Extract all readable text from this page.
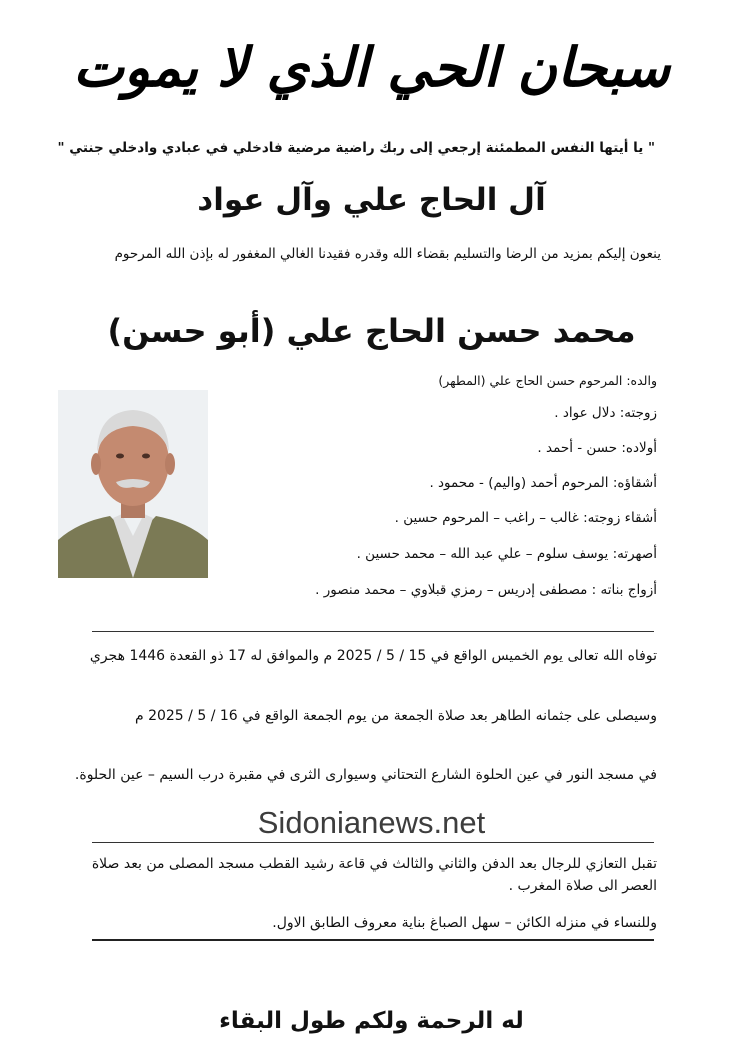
سبحان الحي الذي لا يموت
" يا أيتها النفس المطمئنة إرجعي إلى ربك راضية مرضية فادخلي في عبادي وادخلي جنتي "
آل الحاج علي وآل عواد
ينعون إليكم بمزيد من الرضا والتسليم بقضاء الله وقدره فقيدنا الغالي المغفور له بإذن الله المرحوم
محمد حسن الحاج علي (أبو حسن)
والده: المرحوم حسن الحاج علي (المطهر)
زوجته: دلال عواد .
أولاده: حسن - أحمد .
أشقاؤه: المرحوم أحمد (واليم) - محمود .
أشقاء زوجته: غالب – راغب – المرحوم حسين .
أصهرته: يوسف سلوم – علي عبد الله – محمد حسين .
أزواج بناته : مصطفى إدريس – رمزي قبلاوي – محمد منصور .
توفاه الله تعالى يوم الخميس الواقع في 15 / 5 / 2025 م والموافق له 17 ذو القعدة 1446 هجري
وسيصلى على جثمانه الطاهر بعد صلاة الجمعة من يوم الجمعة الواقع في 16 / 5 / 2025 م
في مسجد النور في عين الحلوة الشارع التحتاني وسيوارى الثرى في مقبرة درب السيم – عين الحلوة.
Sidonianews.net
تقبل التعازي للرجال بعد الدفن والثاني والثالث في قاعة رشيد القطب مسجد المصلى من بعد صلاة العصر الى صلاة المغرب .
وللنساء في منزله الكائن – سهل الصباغ بناية معروف الطابق الاول.
له الرحمة ولكم طول البقاء
